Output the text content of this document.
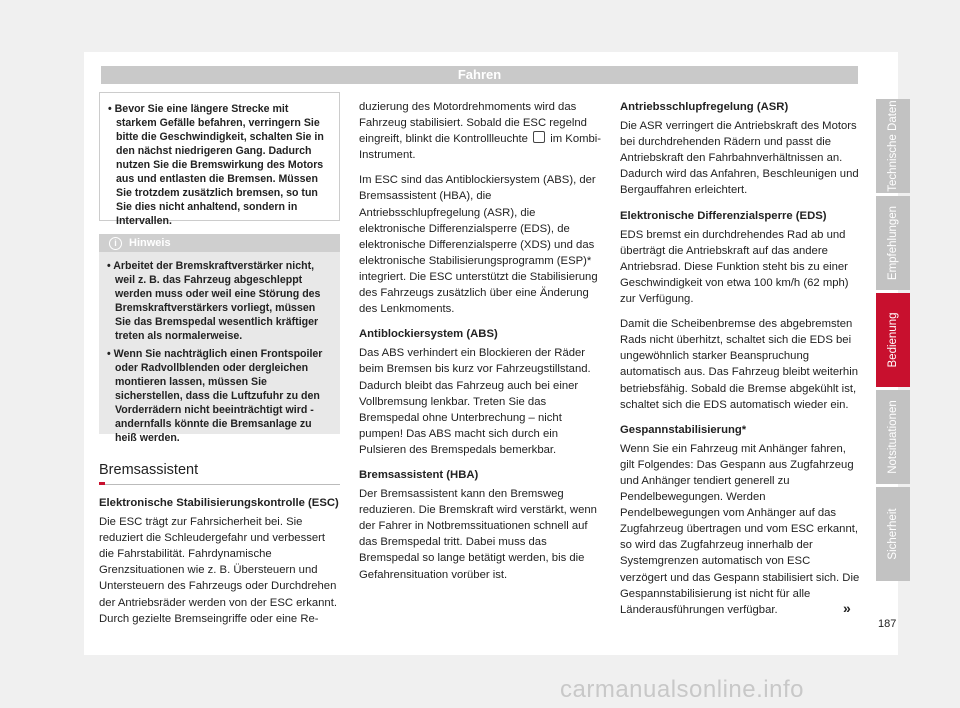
Fahren
• Bevor Sie eine längere Strecke mit starkem Gefälle befahren, verringern Sie bitte die Geschwindigkeit, schalten Sie in den nächst niedrigeren Gang. Dadurch nutzen Sie die Bremswirkung des Motors aus und entlasten die Bremsen. Müssen Sie trotzdem zusätzlich bremsen, so tun Sie dies nicht anhaltend, sondern in Intervallen.
i	Hinweis
• Arbeitet der Bremskraftverstärker nicht, weil z. B. das Fahrzeug abgeschleppt werden muss oder weil eine Störung des Bremskraftverstärkers vorliegt, müssen Sie das Bremspedal wesentlich kräftiger treten als normalerweise.
• Wenn Sie nachträglich einen Frontspoiler oder Radvollblenden oder dergleichen montieren lassen, müssen Sie sicherstellen, dass die Luftzufuhr zu den Vorderrädern nicht beeinträchtigt wird - andernfalls könnte die Bremsanlage zu heiß werden.
Bremsassistent

Elektronische Stabilisierungskontrolle (ESC)

Die ESC trägt zur Fahrsicherheit bei. Sie reduziert die Schleudergefahr und verbessert die Fahrstabilität. Fahrdynamische Grenzsituationen wie z. B. Übersteuern und Untersteuern des Fahrzeugs oder Durchdrehen der Antriebsräder werden von der ESC erkannt. Durch gezielte Bremseingriffe oder eine Re-

duzierung des Motordrehmoments wird das Fahrzeug stabilisiert. Sobald die ESC regelnd eingreift, blinkt die Kontrollleuchte im Kombi-Instrument.

Im ESC sind das Antiblockiersystem (ABS), der Bremsassistent (HBA), die Antriebsschlupfregelung (ASR), die elektronische Differenzialsperre (EDS), de elektronische Differenzialsperre (XDS) und das elektronische Stabilisierungsprogramm (ESP)* integriert. Die ESC unterstützt die Stabilisierung des Fahrzeugs zusätzlich über eine Änderung des Lenkmoments.

Antiblockiersystem (ABS)

Das ABS verhindert ein Blockieren der Räder beim Bremsen bis kurz vor Fahrzeugstillstand. Dadurch bleibt das Fahrzeug auch bei einer Vollbremsung lenkbar. Treten Sie das Bremspedal ohne Unterbrechung – nicht pumpen! Das ABS macht sich durch ein Pulsieren des Bremspedals bemerkbar.

Bremsassistent (HBA)

Der Bremsassistent kann den Bremsweg reduzieren. Die Bremskraft wird verstärkt, wenn der Fahrer in Notbremssituationen schnell auf das Bremspedal tritt. Dabei muss das Bremspedal so lange betätigt werden, bis die Gefahrensituation vorüber ist.

Antriebsschlupfregelung (ASR)

Die ASR verringert die Antriebskraft des Motors bei durchdrehenden Rädern und passt die Antriebskraft den Fahrbahnverhältnissen an. Dadurch wird das Anfahren, Beschleunigen und Bergauffahren erleichtert.

Elektronische Differenzialsperre (EDS)

EDS bremst ein durchdrehendes Rad ab und überträgt die Antriebskraft auf das andere Antriebsrad. Diese Funktion steht bis zu einer Geschwindigkeit von etwa 100 km/h (62 mph) zur Verfügung.

Damit die Scheibenbremse des abgebremsten Rads nicht überhitzt, schaltet sich die EDS bei ungewöhnlich starker Beanspruchung automatisch aus. Das Fahrzeug bleibt weiterhin betriebsfähig. Sobald die Bremse abgekühlt ist, schaltet sich die EDS automatisch wieder ein.

Gespannstabilisierung*

Wenn Sie ein Fahrzeug mit Anhänger fahren, gilt Folgendes: Das Gespann aus Zugfahrzeug und Anhänger tendiert generell zu Pendelbewegungen. Werden Pendelbewegungen vom Anhänger auf das Zugfahrzeug übertragen und vom ESC erkannt, so wird das Zugfahrzeug innerhalb der Systemgrenzen automatisch von ESC verzögert und das Gespann stabilisiert sich. Die Gespannstabilisierung ist nicht für alle Länderausführungen verfügbar.	»
Technische Daten
Empfehlungen
Bedienung
Notsituationen
Sicherheit
187
carmanualsonline.info
